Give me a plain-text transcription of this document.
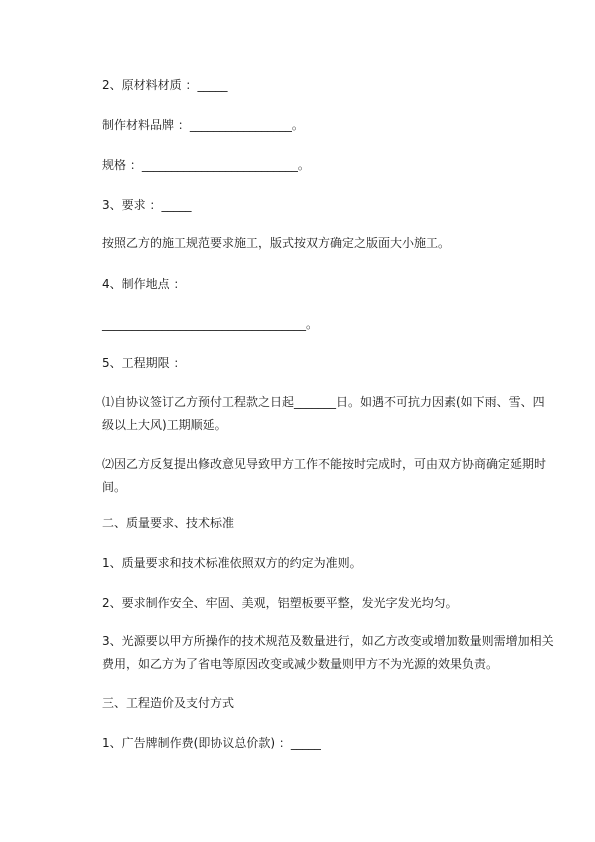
2、原材料材质 ：_____

制作材料品牌 ：_________________。

规格 ：__________________________。

3、要求 ：_____

按照乙方的施工规范要求施工，版式按双方确定之版面大小施工。

4、制作地点 ：

__________________________________。

5、工程期限 ：

⑴自协议签订乙方预付工程款之日起_______日。如遇不可抗力因素(如下雨、雪、四级以上大风)工期顺延。

⑵因乙方反复提出修改意见导致甲方工作不能按时完成时，可由双方协商确定延期时间。

二、质量要求、技术标准

1、质量要求和技术标准依照双方的约定为准则。

2、要求制作安全、牢固、美观，铝塑板要平整，发光字发光均匀。

3、光源要以甲方所操作的技术规范及数量进行，如乙方改变或增加数量则需增加相关费用，如乙方为了省电等原因改变或减少数量则甲方不为光源的效果负责。

三、工程造价及支付方式

1、广告牌制作费(即协议总价款) ：_____
